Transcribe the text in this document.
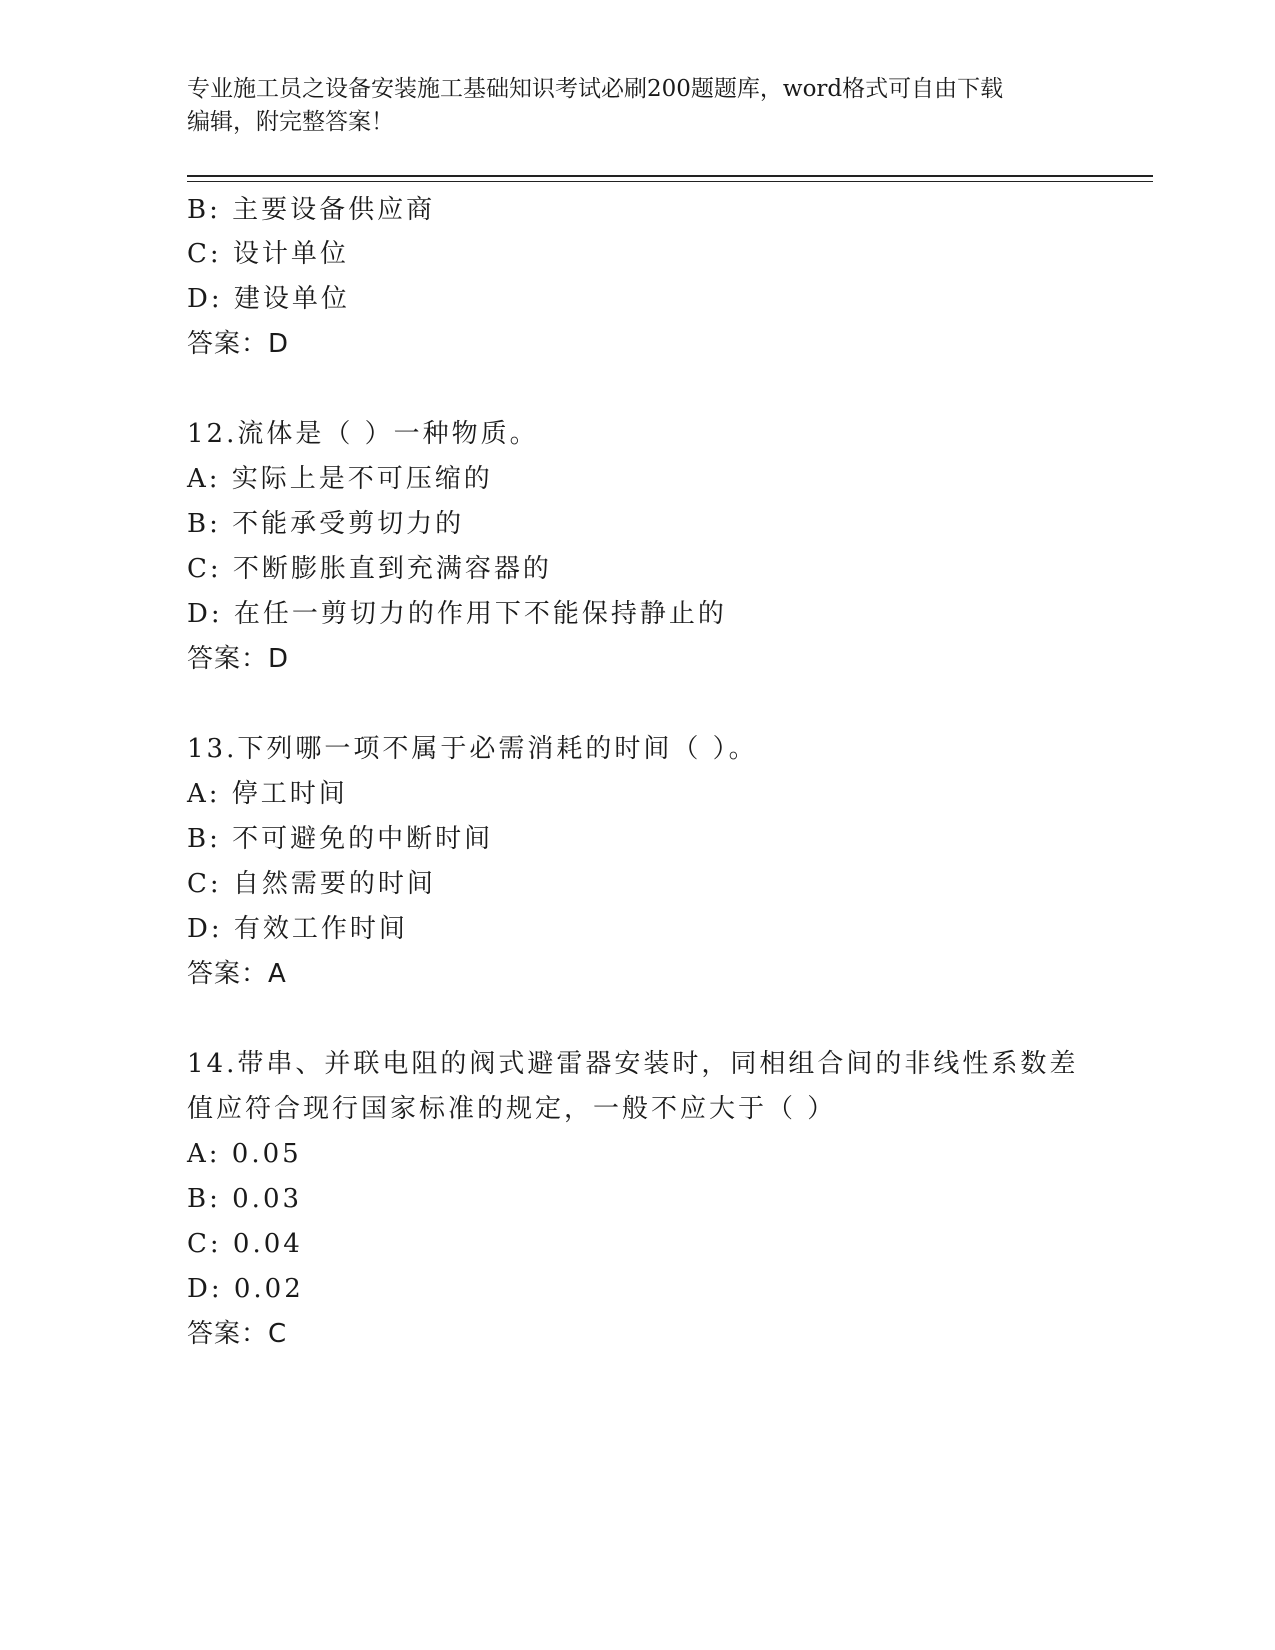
专业施工员之设备安装施工基础知识考试必刷200题题库，word格式可自由下载
编辑，附完整答案！
B: 主要设备供应商
C: 设计单位
D: 建设单位
答案：D
12.流体是（ ）一种物质。
A: 实际上是不可压缩的
B: 不能承受剪切力的
C: 不断膨胀直到充满容器的
D: 在任一剪切力的作用下不能保持静止的
答案：D
13.下列哪一项不属于必需消耗的时间（ ）。
A: 停工时间
B: 不可避免的中断时间
C: 自然需要的时间
D: 有效工作时间
答案：A
14.带串、并联电阻的阀式避雷器安装时，同相组合间的非线性系数差
值应符合现行国家标准的规定，一般不应大于（ ）
A: 0.05
B: 0.03
C: 0.04
D: 0.02
答案：C
